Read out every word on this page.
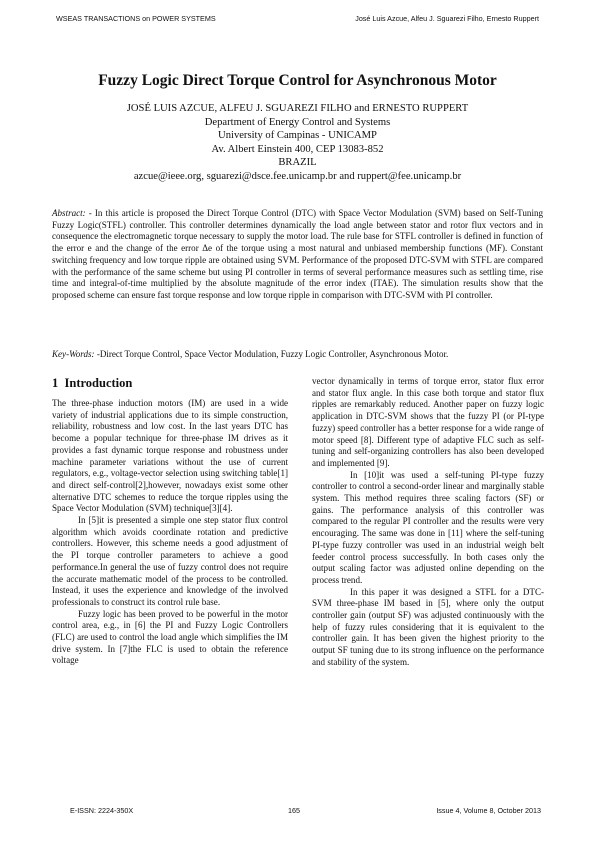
WSEAS TRANSACTIONS on POWER SYSTEMS	José Luis Azcue, Alfeu J. Sguarezi Filho, Ernesto Ruppert
Fuzzy Logic Direct Torque Control for Asynchronous Motor
JOSÉ LUIS AZCUE, ALFEU J. SGUAREZI FILHO and ERNESTO RUPPERT
Department of Energy Control and Systems
University of Campinas - UNICAMP
Av. Albert Einstein 400, CEP 13083-852
BRAZIL
azcue@ieee.org, sguarezi@dsce.fee.unicamp.br and ruppert@fee.unicamp.br
Abstract: - In this article is proposed the Direct Torque Control (DTC) with Space Vector Modulation (SVM) based on Self-Tuning Fuzzy Logic(STFL) controller. This controller determines dynamically the load angle between stator and rotor flux vectors and in consequence the electromagnetic torque necessary to supply the motor load. The rule base for STFL controller is defined in function of the error e and the change of the error Δe of the torque using a most natural and unbiased membership functions (MF). Constant switching frequency and low torque ripple are obtained using SVM. Performance of the proposed DTC-SVM with STFL are compared with the performance of the same scheme but using PI controller in terms of several performance measures such as settling time, rise time and integral-of-time multiplied by the absolute magnitude of the error index (ITAE). The simulation results show that the proposed scheme can ensure fast torque response and low torque ripple in comparison with DTC-SVM with PI controller.
Key-Words: -Direct Torque Control, Space Vector Modulation, Fuzzy Logic Controller, Asynchronous Motor.
1 Introduction

The three-phase induction motors (IM) are used in a wide variety of industrial applications due to its simple construction, reliability, robustness and low cost. In the last years DTC has become a popular technique for three-phase IM drives as it provides a fast dynamic torque response and robustness under machine parameter variations without the use of current regulators, e.g., voltage-vector selection using switching table[1] and direct self-control[2],however, nowadays exist some other alternative DTC schemes to reduce the torque ripples using the Space Vector Modulation (SVM) technique[3][4].

In [5]it is presented a simple one step stator flux control algorithm which avoids coordinate rotation and predictive controllers. However, this scheme needs a good adjustment of the PI torque controller parameters to achieve a good performance.In general the use of fuzzy control does not require the accurate mathematic model of the process to be controlled. Instead, it uses the experience and knowledge of the involved professionals to construct its control rule base.

Fuzzy logic has been proved to be powerful in the motor control area, e.g., in [6] the PI and Fuzzy Logic Controllers (FLC) are used to control the load angle which simplifies the IM drive system. In [7]the FLC is used to obtain the reference voltage

vector dynamically in terms of torque error, stator flux error and stator flux angle. In this case both torque and stator flux ripples are remarkably reduced. Another paper on fuzzy logic application in DTC-SVM shows that the fuzzy PI (or PI-type fuzzy) speed controller has a better response for a wide range of motor speed [8]. Different type of adaptive FLC such as self-tuning and self-organizing controllers has also been developed and implemented [9].

In [10]it was used a self-tuning PI-type fuzzy controller to control a second-order linear and marginally stable system. This method requires three scaling factors (SF) or gains. The performance analysis of this controller was compared to the regular PI controller and the results were very encouraging. The same was done in [11] where the self-tuning PI-type fuzzy controller was used in an industrial weigh belt feeder control process successfully. In both cases only the output scaling factor was adjusted online depending on the process trend.

In this paper it was designed a STFL for a DTC-SVM three-phase IM based in [5], where only the output controller gain (output SF) was adjusted continuously with the help of fuzzy rules considering that it is equivalent to the controller gain. It has been given the highest priority to the output SF tuning due to its strong influence on the performance and stability of the system.

E-ISSN: 2224-350X	165	Issue 4, Volume 8, October 2013
